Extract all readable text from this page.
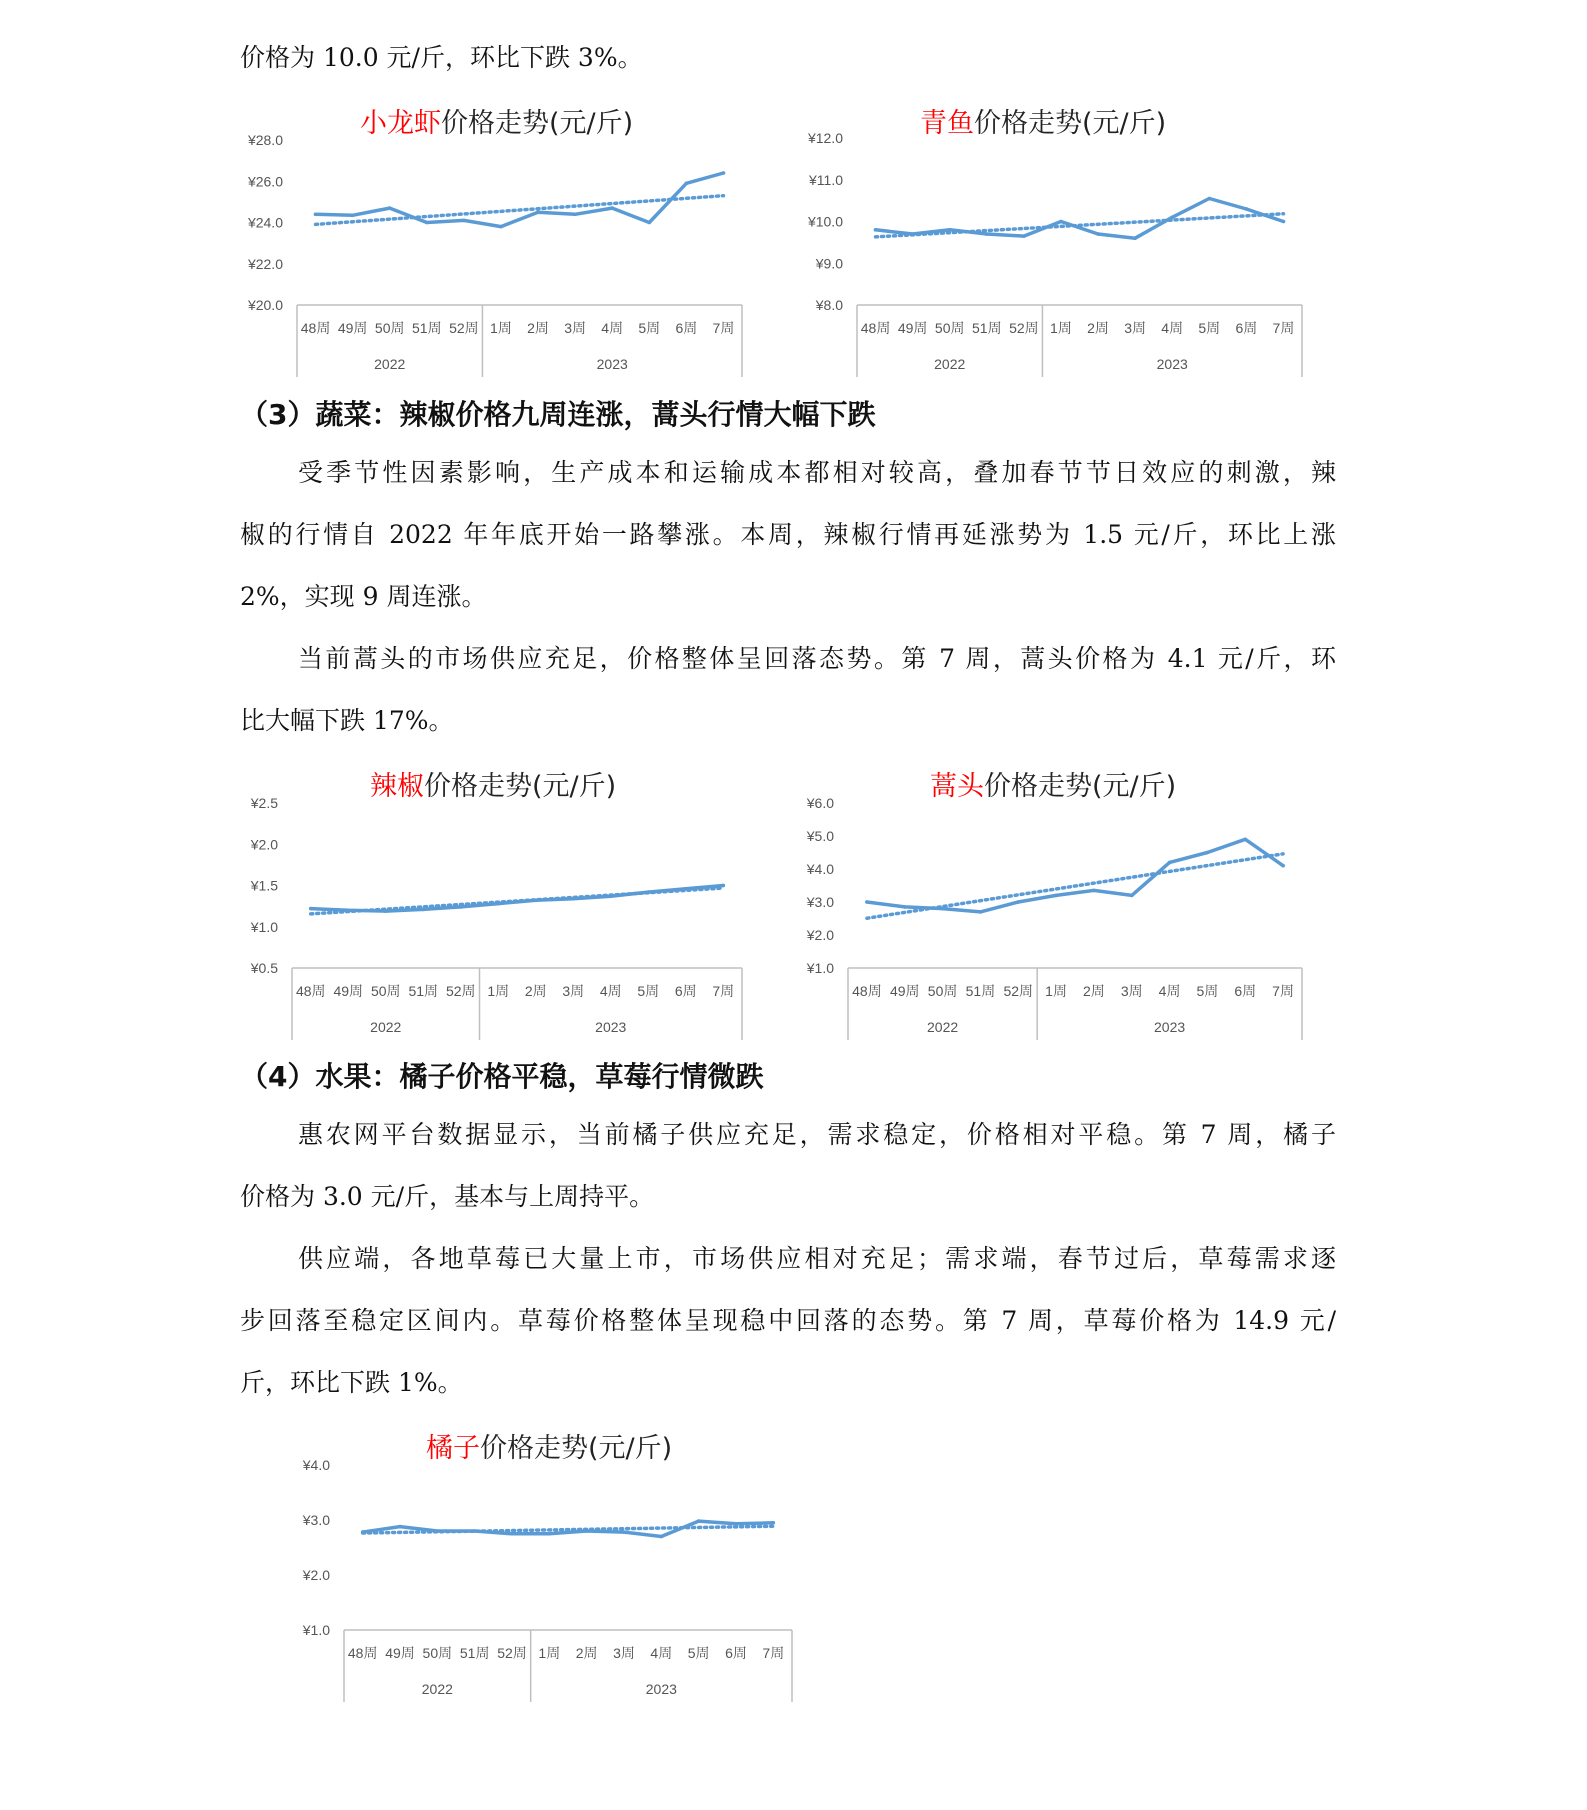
价格为 10.0 元/斤，环比下跌 3%。
小龙虾价格走势(元/斤)
¥20.0
¥22.0
¥24.0
¥26.0
¥28.0
48周 49周 50周 51周 52周 1周 2周 3周 4周 5周 6周 7周
2022	2023
青鱼价格走势(元/斤)
¥8.0
¥9.0
¥10.0
¥11.0
¥12.0
48周 49周 50周 51周 52周 1周 2周 3周 4周 5周 6周 7周
2022	2023
（3）蔬菜：辣椒价格九周连涨，蒿头行情大幅下跌
受季节性因素影响，生产成本和运输成本都相对较高，叠加春节节日效应的刺激，辣
椒的行情自 2022 年年底开始一路攀涨。本周，辣椒行情再延涨势为 1.5 元/斤，环比上涨
2%，实现 9 周连涨。
当前蒿头的市场供应充足，价格整体呈回落态势。第 7 周，蒿头价格为 4.1 元/斤，环
比大幅下跌 17%。
辣椒价格走势(元/斤)
¥0.5
¥1.0
¥1.5
¥2.0
¥2.5
48周 49周 50周 51周 52周 1周 2周 3周 4周 5周 6周 7周
2022	2023
蒿头价格走势(元/斤)
¥1.0
¥2.0
¥3.0
¥4.0
¥5.0
¥6.0
48周 49周 50周 51周 52周 1周 2周 3周 4周 5周 6周 7周
2022	2023
（4）水果：橘子价格平稳，草莓行情微跌
惠农网平台数据显示，当前橘子供应充足，需求稳定，价格相对平稳。第 7 周，橘子
价格为 3.0 元/斤，基本与上周持平。
供应端，各地草莓已大量上市，市场供应相对充足；需求端，春节过后，草莓需求逐
步回落至稳定区间内。草莓价格整体呈现稳中回落的态势。第 7 周，草莓价格为 14.9 元/
斤，环比下跌 1%。
橘子价格走势(元/斤)
¥1.0
¥2.0
¥3.0
¥4.0
48周 49周 50周 51周 52周 1周 2周 3周 4周 5周 6周 7周
2022	2023
